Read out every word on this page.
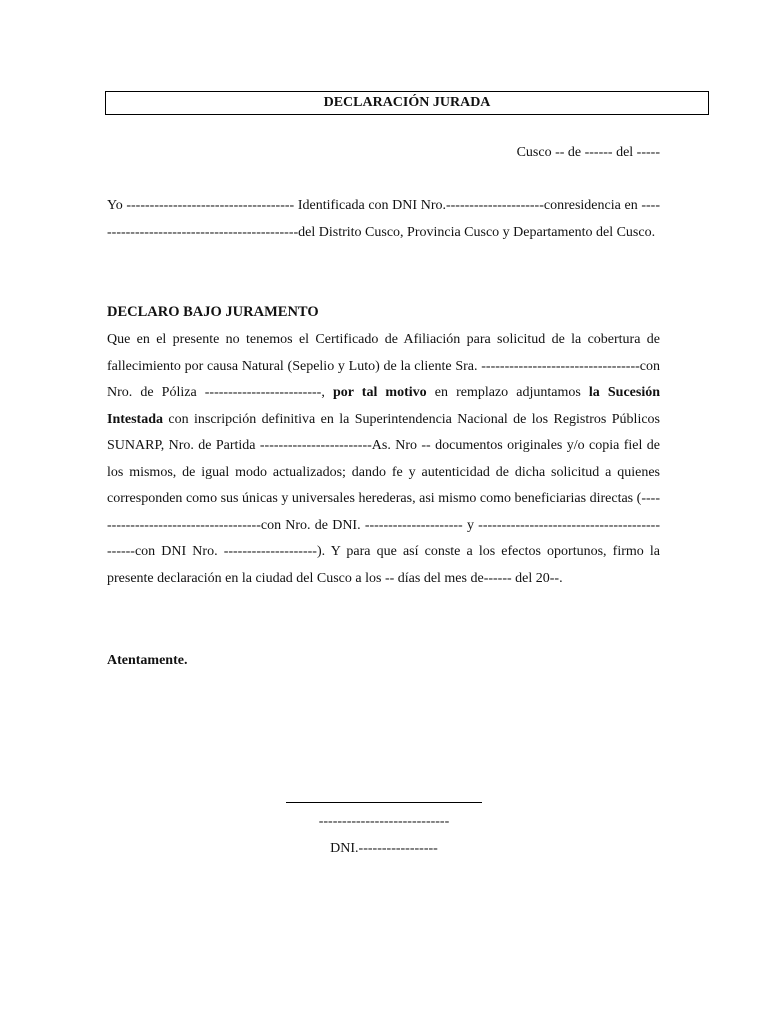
DECLARACIÓN JURADA
Cusco -- de ------ del -----

Yo ------------------------------------ Identificada con DNI Nro.---------------------conresidencia en ---------------------------------------------del Distrito Cusco, Provincia Cusco y Departamento del Cusco.

DECLARO BAJO JURAMENTO

Que en el presente no tenemos el Certificado de Afiliación para solicitud de la cobertura de fallecimiento por causa Natural (Sepelio y Luto) de la cliente Sra. ----------------------------------con Nro. de Póliza -------------------------, por tal motivo en remplazo adjuntamos la Sucesión Intestada con inscripción definitiva en la Superintendencia Nacional de los Registros Públicos SUNARP, Nro. de Partida ------------------------As. Nro -- documentos originales y/o copia fiel de los mismos, de igual modo actualizados; dando fe y autenticidad de dicha solicitud a quienes corresponden como sus únicas y universales herederas, asi mismo como beneficiarias directas (-------------------------------------con Nro. de DNI. --------------------- y ---------------------------------------------con DNI Nro. --------------------). Y para que así conste a los efectos oportunos, firmo la presente declaración en la ciudad del Cusco a los -- días del mes de------ del 20--.

Atentamente.

----------------------------
DNI.-----------------
